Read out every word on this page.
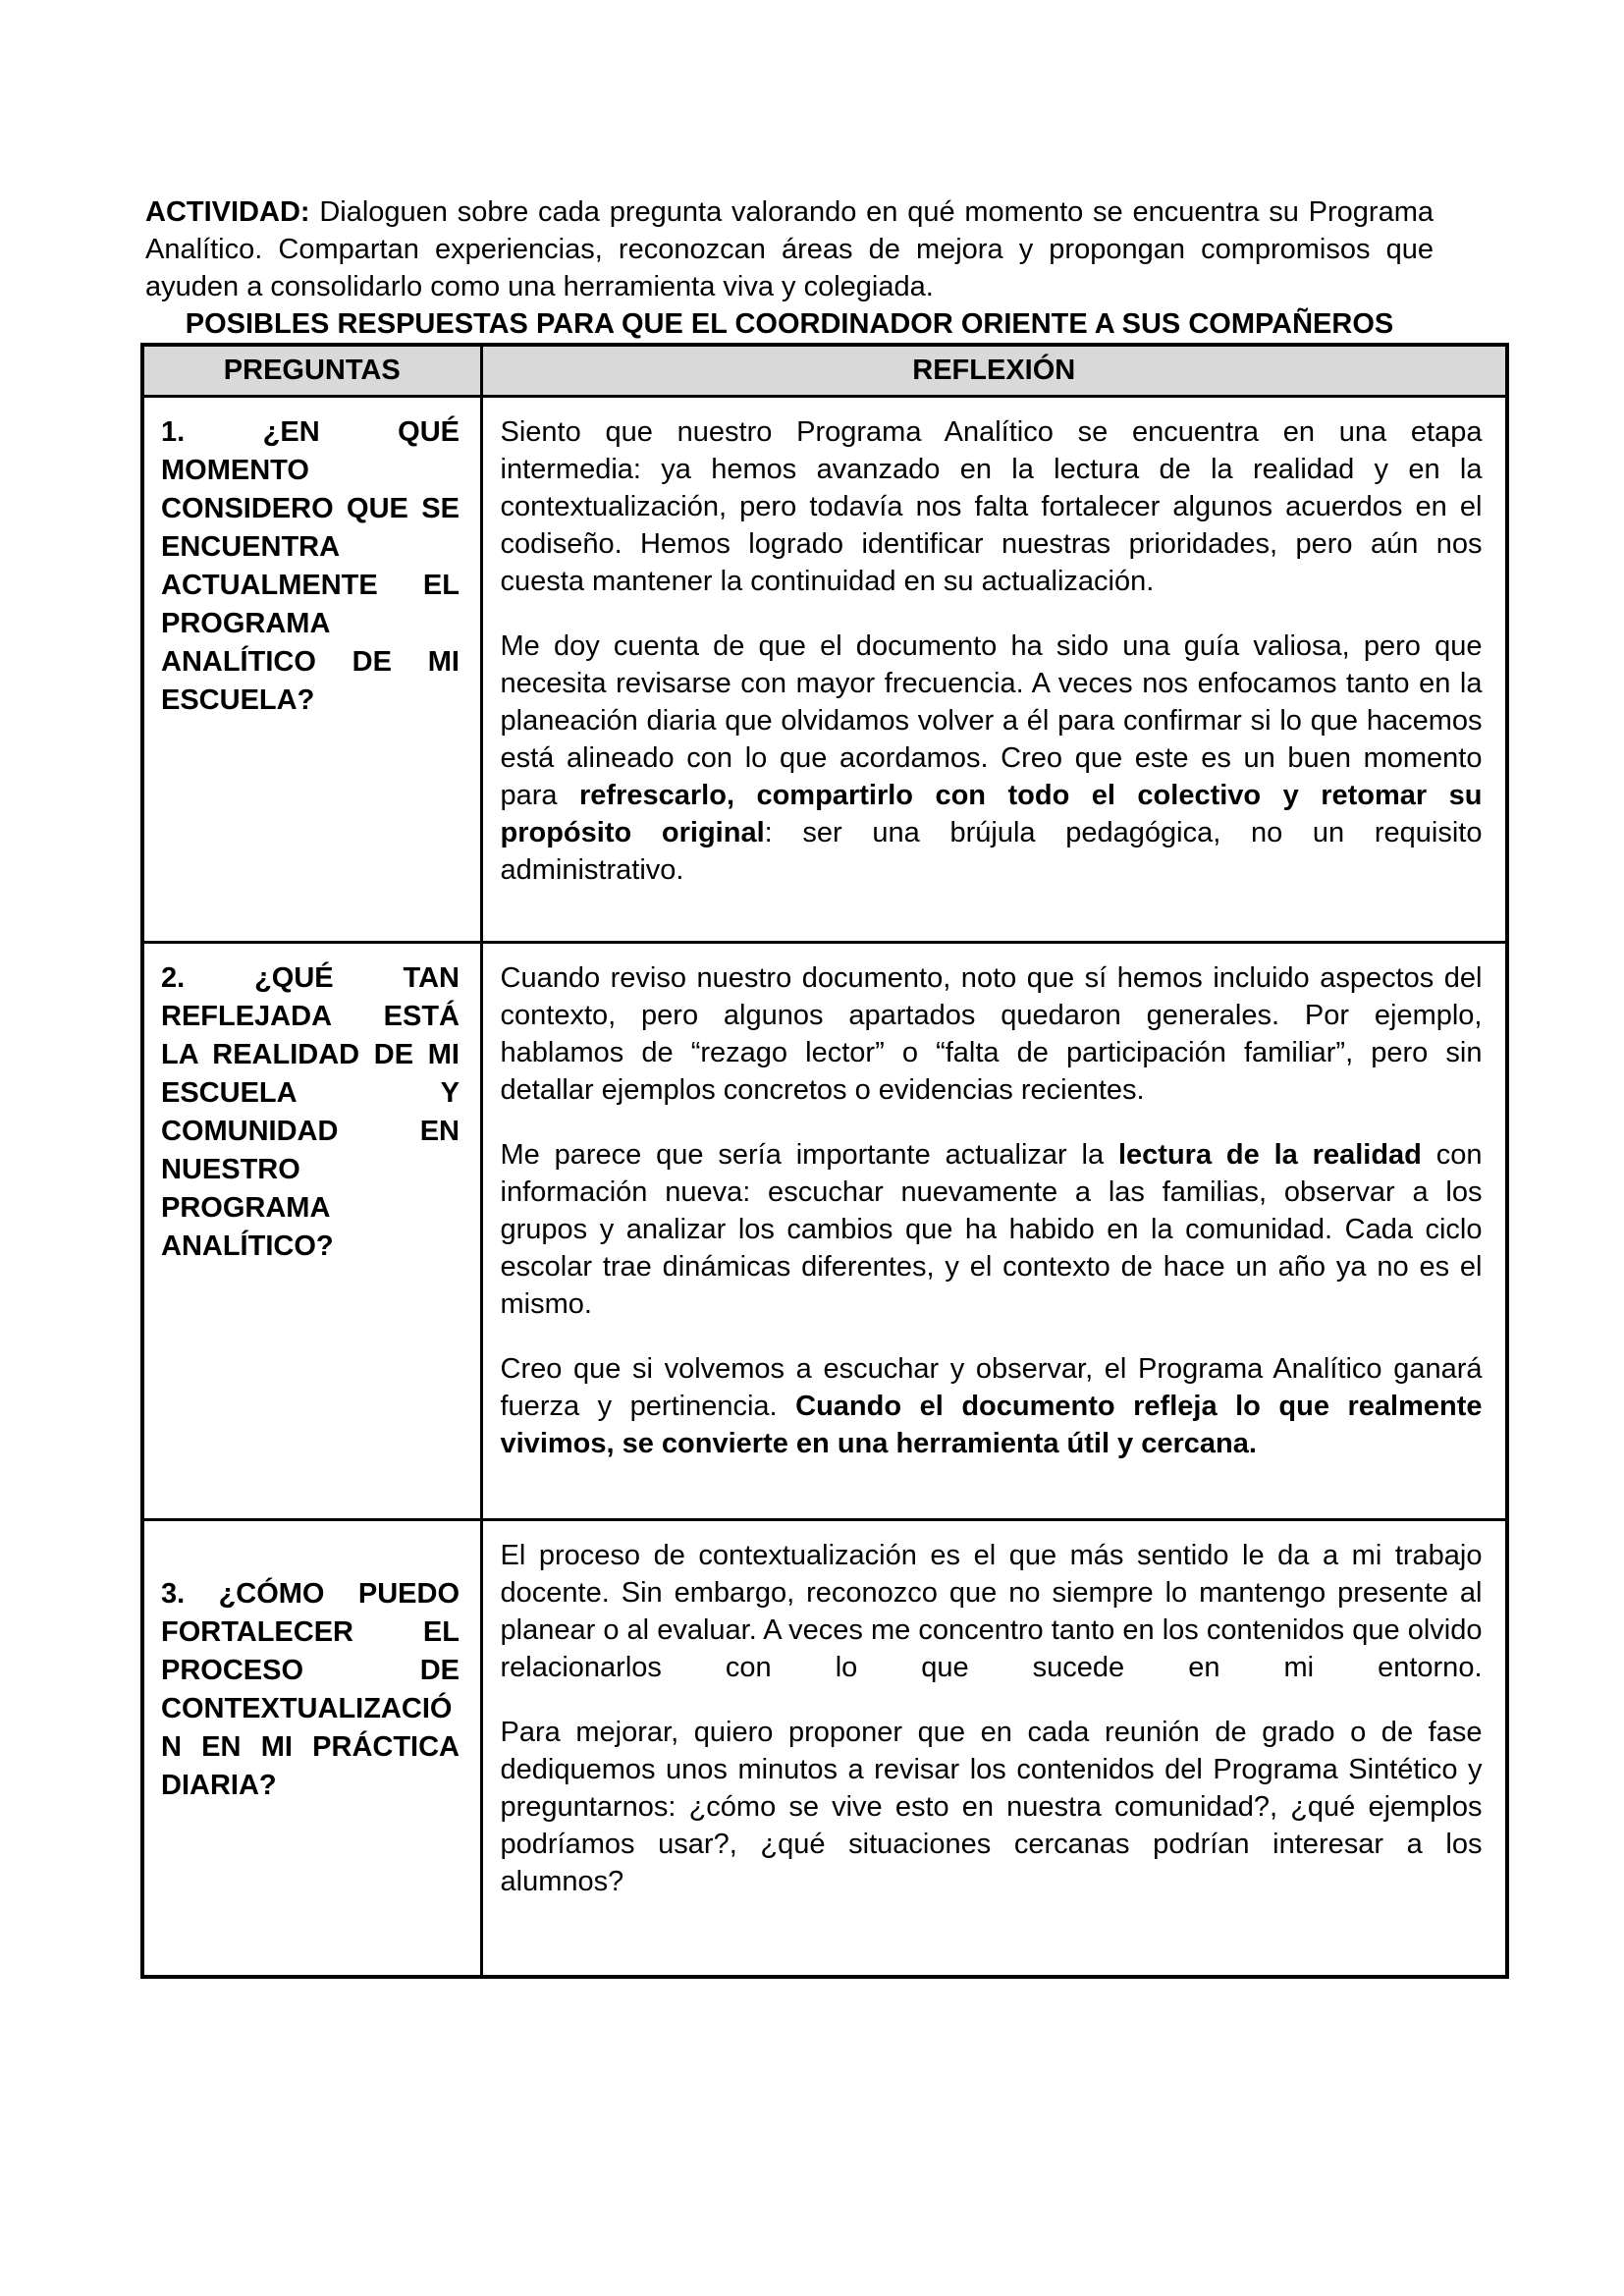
ACTIVIDAD: Dialoguen sobre cada pregunta valorando en qué momento se encuentra su Programa Analítico. Compartan experiencias, reconozcan áreas de mejora y propongan compromisos que ayuden a consolidarlo como una herramienta viva y colegiada.

POSIBLES RESPUESTAS PARA QUE EL COORDINADOR ORIENTE A SUS COMPAÑEROS

PREGUNTAS	REFLEXIÓN

1. ¿EN QUÉ MOMENTO CONSIDERO QUE SE ENCUENTRA ACTUALMENTE EL PROGRAMA ANALÍTICO DE MI ESCUELA?	Siento que nuestro Programa Analítico se encuentra en una etapa intermedia: ya hemos avanzado en la lectura de la realidad y en la contextualización, pero todavía nos falta fortalecer algunos acuerdos en el codiseño. Hemos logrado identificar nuestras prioridades, pero aún nos cuesta mantener la continuidad en su actualización.

Me doy cuenta de que el documento ha sido una guía valiosa, pero que necesita revisarse con mayor frecuencia. A veces nos enfocamos tanto en la planeación diaria que olvidamos volver a él para confirmar si lo que hacemos está alineado con lo que acordamos. Creo que este es un buen momento para refrescarlo, compartirlo con todo el colectivo y retomar su propósito original: ser una brújula pedagógica, no un requisito administrativo.

2. ¿QUÉ TAN REFLEJADA ESTÁ LA REALIDAD DE MI ESCUELA Y COMUNIDAD EN NUESTRO PROGRAMA ANALÍTICO?	Cuando reviso nuestro documento, noto que sí hemos incluido aspectos del contexto, pero algunos apartados quedaron generales. Por ejemplo, hablamos de “rezago lector” o “falta de participación familiar”, pero sin detallar ejemplos concretos o evidencias recientes.

Me parece que sería importante actualizar la lectura de la realidad con información nueva: escuchar nuevamente a las familias, observar a los grupos y analizar los cambios que ha habido en la comunidad. Cada ciclo escolar trae dinámicas diferentes, y el contexto de hace un año ya no es el mismo.

Creo que si volvemos a escuchar y observar, el Programa Analítico ganará fuerza y pertinencia. Cuando el documento refleja lo que realmente vivimos, se convierte en una herramienta útil y cercana.

3. ¿CÓMO PUEDO FORTALECER EL PROCESO DE CONTEXTUALIZACIÓN EN MI PRÁCTICA DIARIA?	El proceso de contextualización es el que más sentido le da a mi trabajo docente. Sin embargo, reconozco que no siempre lo mantengo presente al planear o al evaluar. A veces me concentro tanto en los contenidos que olvido relacionarlos con lo que sucede en mi entorno.

Para mejorar, quiero proponer que en cada reunión de grado o de fase dediquemos unos minutos a revisar los contenidos del Programa Sintético y preguntarnos: ¿cómo se vive esto en nuestra comunidad?, ¿qué ejemplos podríamos usar?, ¿qué situaciones cercanas podrían interesar a los alumnos?
